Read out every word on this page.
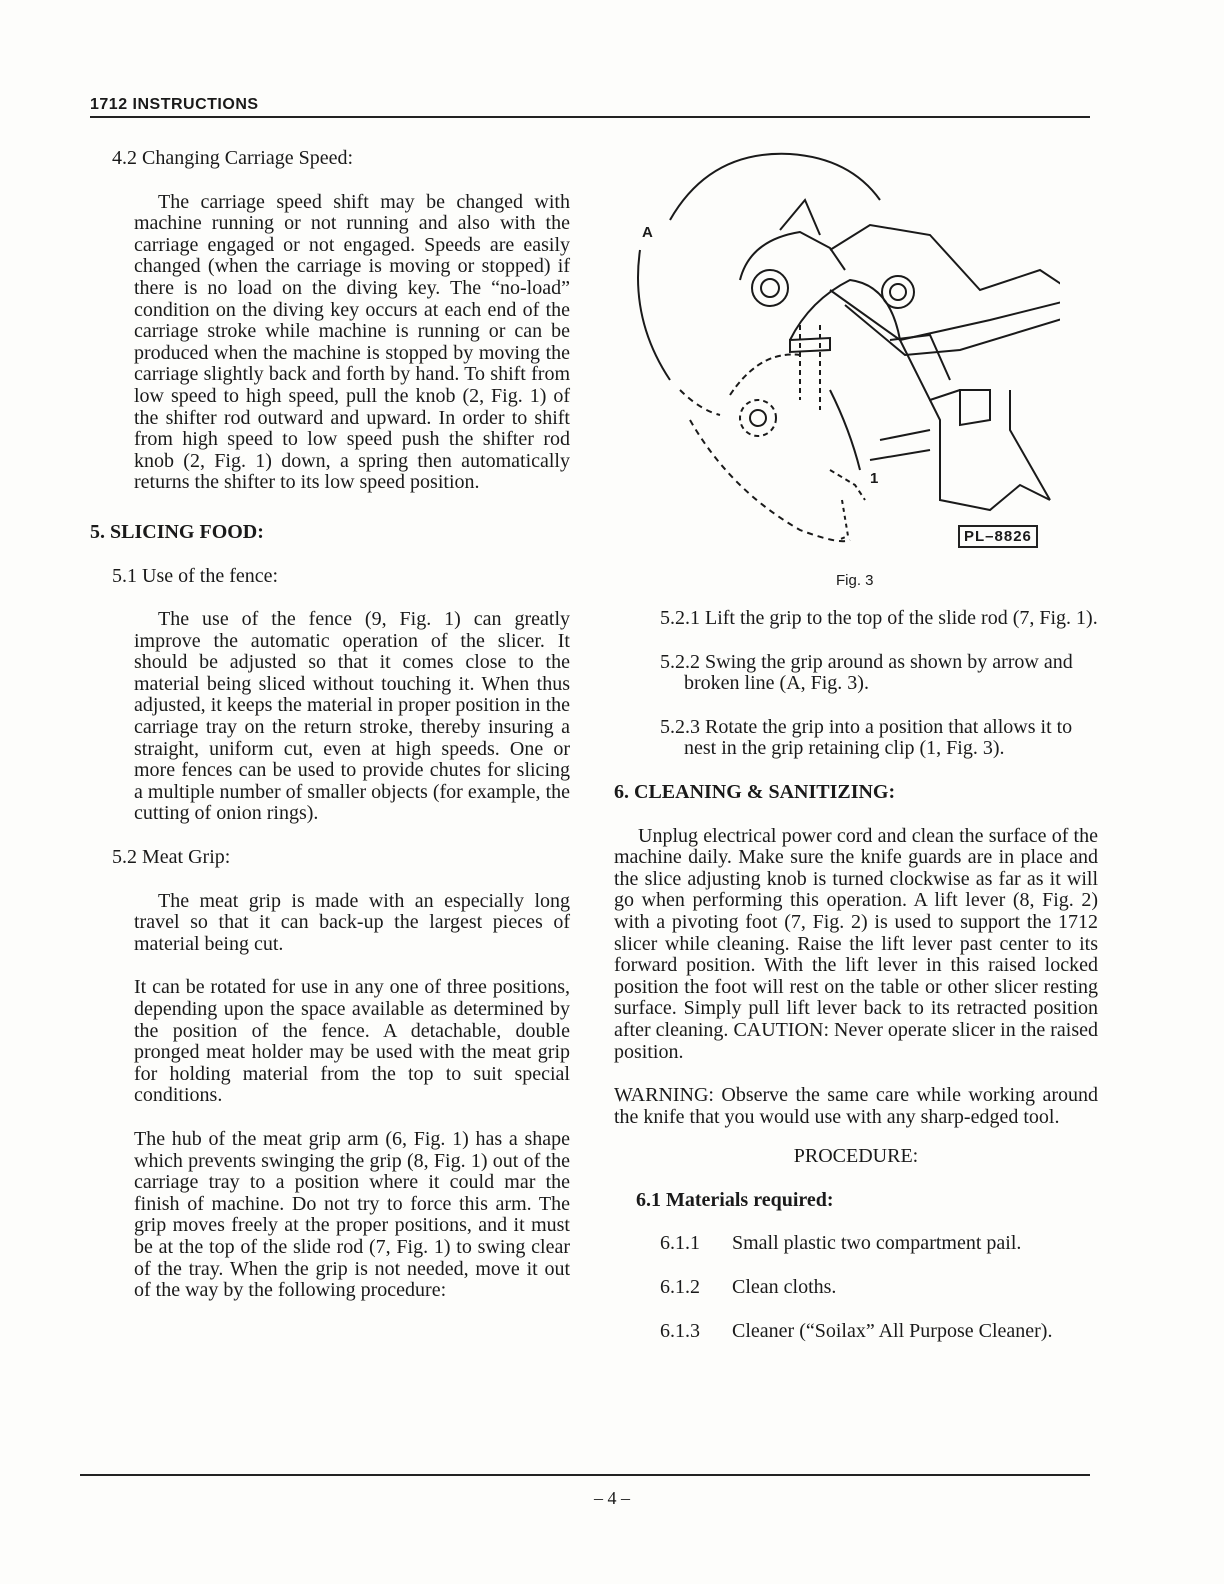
1712 INSTRUCTIONS

4.2 Changing Carriage Speed:

The carriage speed shift may be changed with machine running or not running and also with the carriage engaged or not engaged. Speeds are easily changed (when the carriage is moving or stopped) if there is no load on the diving key. The “no-load” condition on the diving key occurs at each end of the carriage stroke while machine is running or can be produced when the machine is stopped by moving the carriage slightly back and forth by hand. To shift from low speed to high speed, pull the knob (2, Fig. 1) of the shifter rod outward and upward. In order to shift from high speed to low speed push the shifter rod knob (2, Fig. 1) down, a spring then automatically returns the shifter to its low speed position.

5. SLICING FOOD:

5.1 Use of the fence:

The use of the fence (9, Fig. 1) can greatly improve the automatic operation of the slicer. It should be adjusted so that it comes close to the material being sliced without touching it. When thus adjusted, it keeps the material in proper position in the carriage tray on the return stroke, thereby insuring a straight, uniform cut, even at high speeds. One or more fences can be used to provide chutes for slicing a multiple number of smaller objects (for example, the cutting of onion rings).

5.2 Meat Grip:

The meat grip is made with an especially long travel so that it can back-up the largest pieces of material being cut.

It can be rotated for use in any one of three positions, depending upon the space available as determined by the position of the fence. A detachable, double pronged meat holder may be used with the meat grip for holding material from the top to suit special conditions.

The hub of the meat grip arm (6, Fig. 1) has a shape which prevents swinging the grip (8, Fig. 1) out of the carriage tray to a position where it could mar the finish of machine. Do not try to force this arm. The grip moves freely at the proper positions, and it must be at the top of the slide rod (7, Fig. 1) to swing clear of the tray. When the grip is not needed, move it out of the way by the following procedure:

A
1
PL–8826
Fig. 3

5.2.1 Lift the grip to the top of the slide rod (7, Fig. 1).

5.2.2 Swing the grip around as shown by arrow and broken line (A, Fig. 3).

5.2.3 Rotate the grip into a position that allows it to nest in the grip retaining clip (1, Fig. 3).

6. CLEANING & SANITIZING:

Unplug electrical power cord and clean the surface of the machine daily. Make sure the knife guards are in place and the slice adjusting knob is turned clockwise as far as it will go when performing this operation. A lift lever (8, Fig. 2) with a pivoting foot (7, Fig. 2) is used to support the 1712 slicer while cleaning. Raise the lift lever past center to its forward position. With the lift lever in this raised locked position the foot will rest on the table or other slicer resting surface. Simply pull lift lever back to its retracted position after cleaning. CAUTION: Never operate slicer in the raised position.

WARNING: Observe the same care while working around the knife that you would use with any sharp-edged tool.

PROCEDURE:

6.1 Materials required:

6.1.1	Small plastic two compartment pail.
6.1.2	Clean cloths.
6.1.3	Cleaner (“Soilax” All Purpose Cleaner).
– 4 –
